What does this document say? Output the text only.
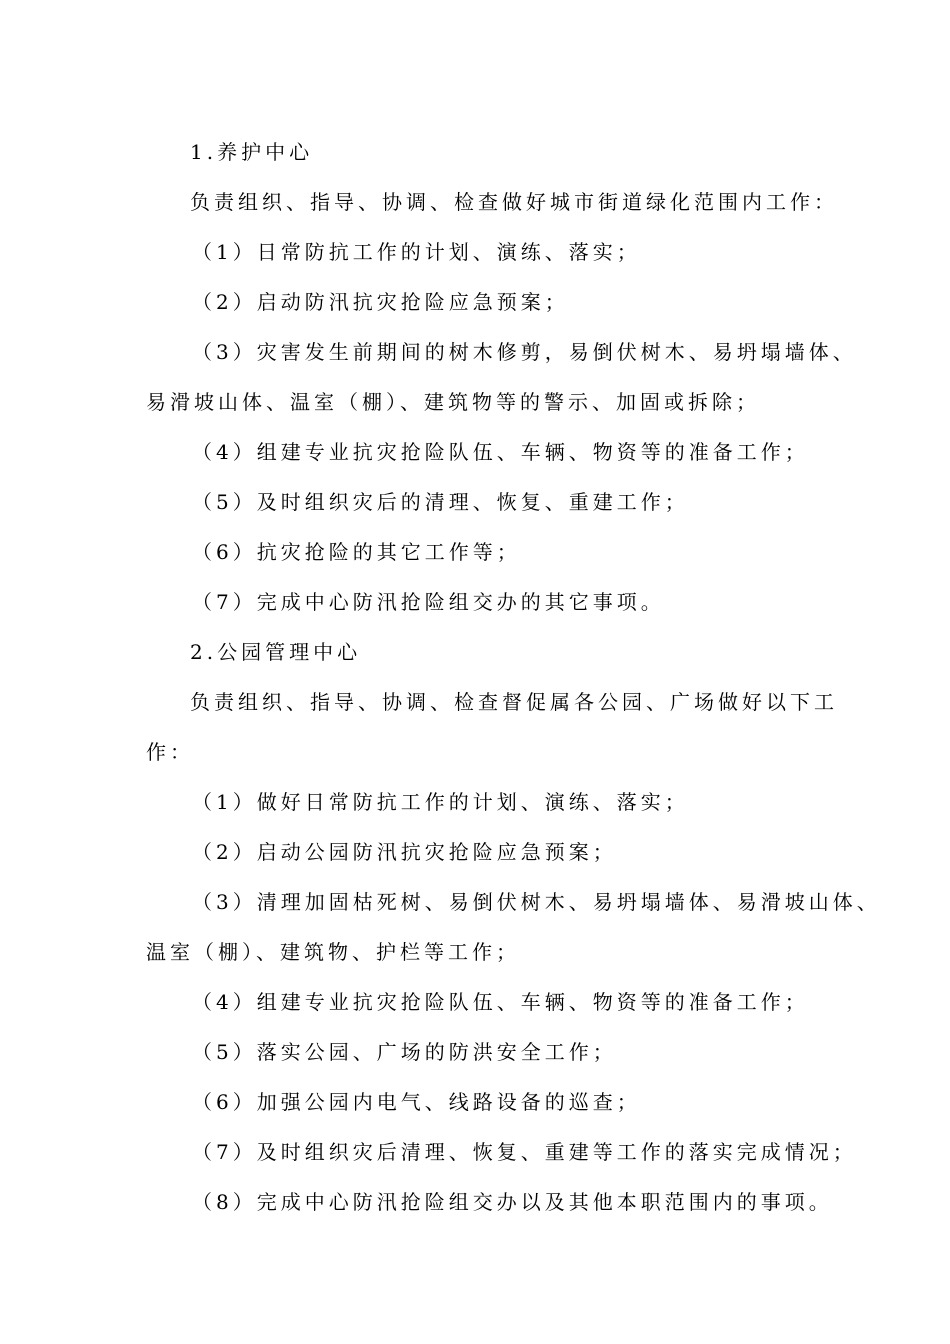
1.养护中心
负责组织、指导、协调、检查做好城市街道绿化范围内工作：
（1）日常防抗工作的计划、演练、落实；
（2）启动防汛抗灾抢险应急预案；
（3）灾害发生前期间的树木修剪，易倒伏树木、易坍塌墙体、
易滑坡山体、温室（棚）、建筑物等的警示、加固或拆除；
（4）组建专业抗灾抢险队伍、车辆、物资等的准备工作；
（5）及时组织灾后的清理、恢复、重建工作；
（6）抗灾抢险的其它工作等；
（7）完成中心防汛抢险组交办的其它事项。
2.公园管理中心
负责组织、指导、协调、检查督促属各公园、广场做好以下工
作：
（1）做好日常防抗工作的计划、演练、落实；
（2）启动公园防汛抗灾抢险应急预案；
（3）清理加固枯死树、易倒伏树木、易坍塌墙体、易滑坡山体、
温室（棚）、建筑物、护栏等工作；
（4）组建专业抗灾抢险队伍、车辆、物资等的准备工作；
（5）落实公园、广场的防洪安全工作；
（6）加强公园内电气、线路设备的巡查；
（7）及时组织灾后清理、恢复、重建等工作的落实完成情况；
（8）完成中心防汛抢险组交办以及其他本职范围内的事项。
